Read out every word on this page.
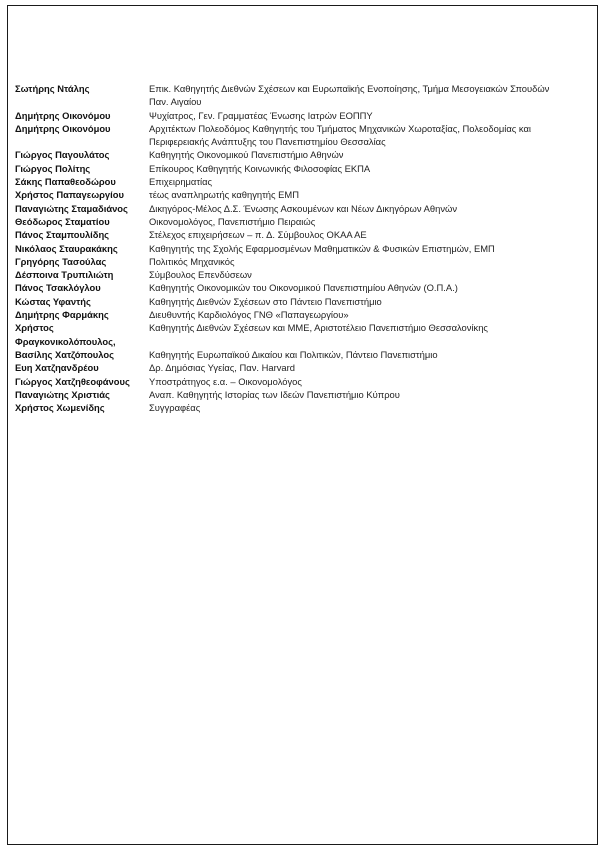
Σωτήρης Ντάλης	Επικ. Καθηγητής Διεθνών Σχέσεων και Ευρωπαϊκής Ενοποίησης, Τμήμα Μεσογειακών Σπουδών Παν. Αιγαίου
Δημήτρης Οικονόμου	Ψυχίατρος, Γεν. Γραμματέας Ένωσης Ιατρών ΕΟΠΠΥ
Δημήτρης Οικονόμου	Αρχιτέκτων Πολεοδόμος Καθηγητής του Τμήματος Μηχανικών Χωροταξίας, Πολεοδομίας και Περιφερειακής Ανάπτυξης του Πανεπιστημίου Θεσσαλίας
Γιώργος Παγουλάτος	Καθηγητής Οικονομικού Πανεπιστήμιο Αθηνών
Γιώργος Πολίτης	Επίκουρος Καθηγητής Κοινωνικής Φιλοσοφίας ΕΚΠΑ
Σάκης Παπαθεοδώρου	Επιχειρηματίας
Χρήστος Παπαγεωργίου	τέως αναπληρωτής καθηγητής ΕΜΠ
Παναγιώτης Σταμαδιάνος	Δικηγόρος-Μέλος Δ.Σ. Ένωσης Ασκουμένων και Νέων Δικηγόρων Αθηνών
Θεόδωρος Σταματίου	Οικονομολόγος, Πανεπιστήμιο Πειραιώς
Πάνος Σταμπουλίδης	Στέλεχος επιχειρήσεων – π. Δ. Σύμβουλος ΟΚΑΑ ΑΕ
Νικόλαος Σταυρακάκης	Καθηγητής της Σχολής Εφαρμοσμένων Μαθηματικών & Φυσικών Επιστημών, ΕΜΠ
Γρηγόρης Τασούλας	Πολιτικός Μηχανικός
Δέσποινα Τρυπιλιώτη	Σύμβουλος Επενδύσεων
Πάνος Τσακλόγλου	Καθηγητής Οικονομικών του Οικονομικού Πανεπιστημίου Αθηνών (Ο.Π.Α.)
Κώστας Υφαντής	Καθηγητής Διεθνών Σχέσεων στο Πάντειο Πανεπιστήμιο
Δημήτρης Φαρμάκης	Διευθυντής Καρδιολόγος ΓΝΘ «Παπαγεωργίου»
Χρήστος	Καθηγητής Διεθνών Σχέσεων και ΜΜΕ, Αριστοτέλειο Πανεπιστήμιο Θεσσαλονίκης
Φραγκονικολόπουλος,
Βασίλης Χατζόπουλος	Καθηγητής Ευρωπαϊκού Δικαίου και Πολιτικών, Πάντειο Πανεπιστήμιο
Ευη Χατζηανδρέου	Δρ. Δημόσιας Υγείας, Παν. Harvard
Γιώργος Χατζηθεοφάνους	Υποστράτηγος ε.α. – Οικονομολόγος
Παναγιώτης Χριστιάς	Αναπ. Καθηγητής Ιστορίας των Ιδεών Πανεπιστήμιο Κύπρου
Χρήστος Χωμενίδης	Συγγραφέας
